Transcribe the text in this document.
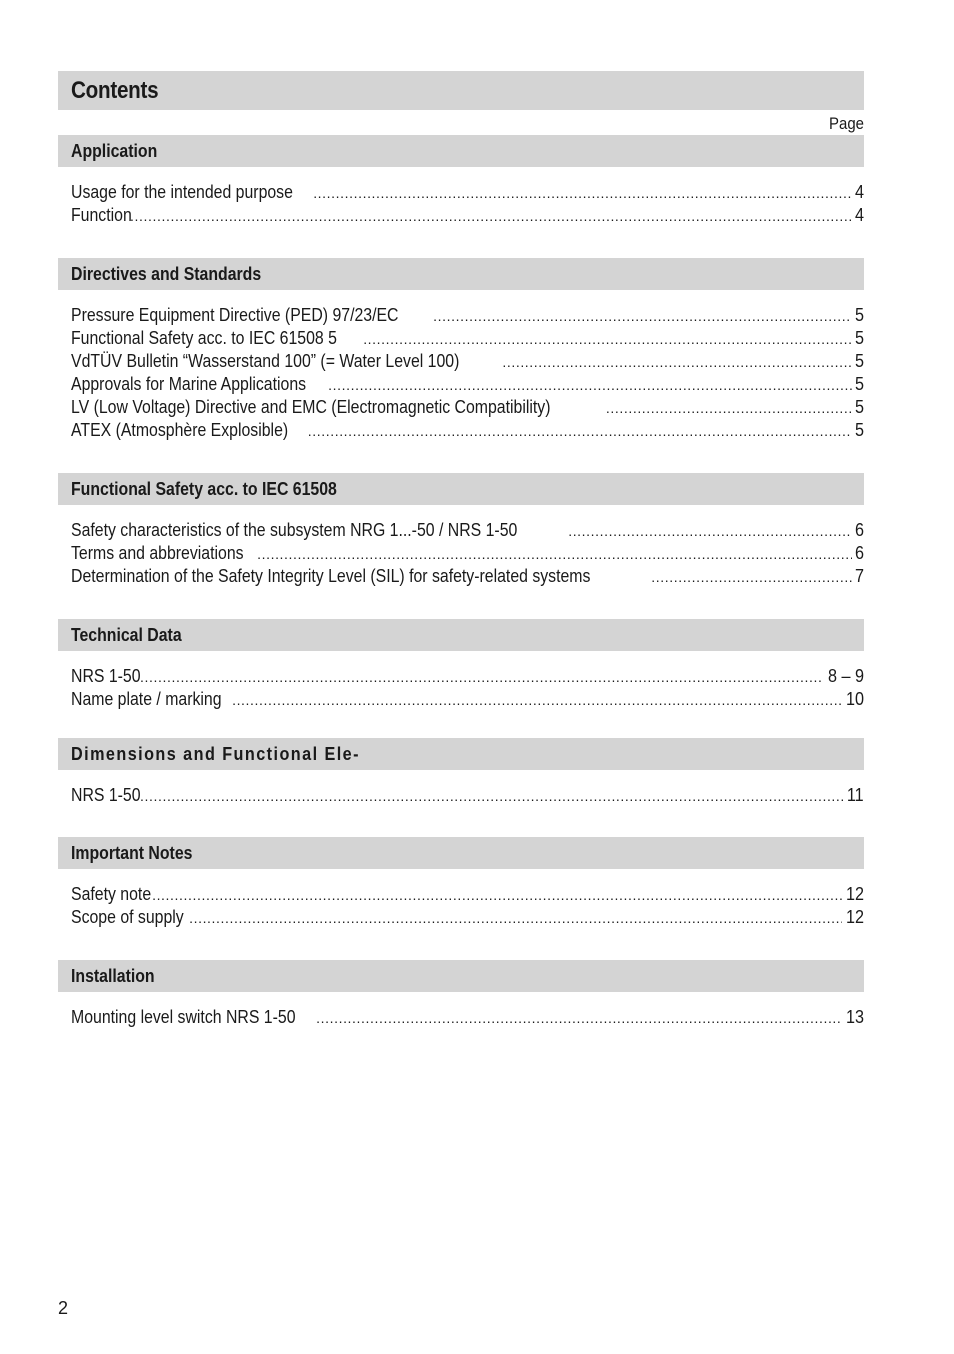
Contents
Page
Application
Usage for the intended purpose .....	4
Function .....	4
Directives and Standards
Pressure Equipment Directive (PED) 97/23/EC .....	5
Functional Safety acc. to IEC 61508 5 .....	5
VdTÜV Bulletin “Wasserstand 100” (= Water Level 100) .....	5
Approvals for Marine Applications .....	5
LV (Low Voltage) Directive and EMC (Electromagnetic Compatibility) .....	5
ATEX (Atmosphère Explosible) .....	5
Functional Safety acc. to IEC 61508
Safety characteristics of the subsystem NRG 1...-50 / NRS 1-50 .....	6
Terms and abbreviations .....	6
Determination of the Safety Integrity Level (SIL) for safety-related systems .....	7
Technical Data
NRS 1-50 .....	8 – 9
Name plate / marking .....	10
Dimensions and Functional Ele-
NRS 1-50 .....	11
Important Notes
Safety note .....	12
Scope of supply .....	12
Installation
Mounting level switch NRS 1-50 .....	13
2
